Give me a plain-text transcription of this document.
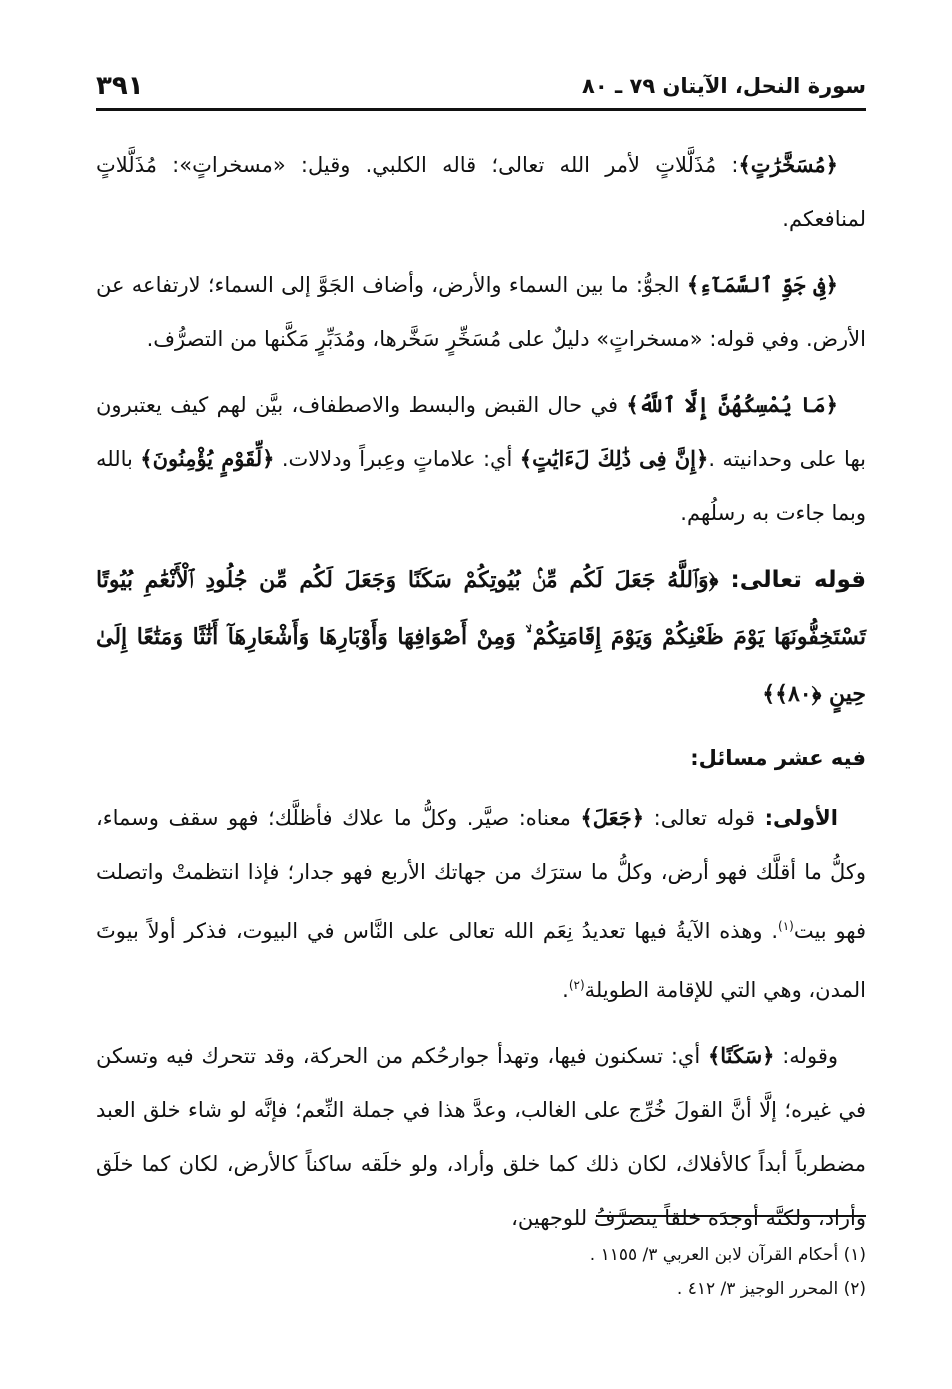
سورة النحل، الآيتان ٧٩ ـ ٨٠
٣٩١

﴿مُسَخَّرَٰتٍ﴾: مُذَلَّلاتٍ لأمر الله تعالى؛ قاله الكلبي. وقيل: «مسخراتٍ»: مُذَلَّلاتٍ لمنافعكم.

﴿فِى جَوِّ ٱلسَّمَآءِ﴾ الجوُّ: ما بين السماء والأرض، وأضاف الجَوَّ إلى السماء؛ لارتفاعه عن الأرض. وفي قوله: «مسخراتٍ» دليلٌ على مُسَخِّرٍ سَخَّرها، ومُدَبِّرٍ مَكَّنها من التصرُّف.

﴿مَا يُمْسِكُهُنَّ إِلَّا ٱللَّهُ﴾ في حال القبض والبسط والاصطفاف، بيَّن لهم كيف يعتبرون بها على وحدانيته .﴿إِنَّ فِى ذَٰلِكَ لَءَايَٰتٍ﴾ أي: علاماتٍ وعِبراً ودلالات. ﴿لِّقَوْمٍ يُؤْمِنُونَ﴾ بالله وبما جاءت به رسلُهم.

قوله تعالى: ﴿وَٱللَّهُ جَعَلَ لَكُم مِّنۢ بُيُوتِكُمْ سَكَنًا وَجَعَلَ لَكُم مِّن جُلُودِ ٱلْأَنْعَٰمِ بُيُوتًا تَسْتَخِفُّونَهَا يَوْمَ ظَعْنِكُمْ وَيَوْمَ إِقَامَتِكُمْ ۙ وَمِنْ أَصْوَافِهَا وَأَوْبَارِهَا وَأَشْعَارِهَآ أَثَٰثًا وَمَتَٰعًا إِلَىٰ حِينٍ ﴿٨٠﴾﴾

فيه عشر مسائل:

الأولى: قوله تعالى: ﴿جَعَلَ﴾ معناه: صيَّر. وكلُّ ما علاك فأظلَّك؛ فهو سقف وسماء، وكلُّ ما أقلَّك فهو أرض، وكلُّ ما سترَك من جهاتك الأربع فهو جدار؛ فإذا انتظمتْ واتصلت فهو بيت$^{(١)}$. وهذه الآيةُ فيها تعديدُ نِعَم الله تعالى على النَّاس في البيوت، فذكر أولاً بيوتَ المدن، وهي التي للإقامة الطويلة$^{(٢)}$.

وقوله: ﴿سَكَنًا﴾ أي: تسكنون فيها، وتهدأ جوارحُكم من الحركة، وقد تتحرك فيه وتسكن في غيره؛ إلَّا أنَّ القولَ خُرِّج على الغالب، وعدَّ هذا في جملة النِّعم؛ فإنَّه لو شاء خلق العبد مضطرباً أبداً كالأفلاك، لكان ذلك كما خلق وأراد، ولو خلَقه ساكناً كالأرض، لكان كما خلَق وأراد، ولكنَّه أوجدَه خلقاً يتصرَّفُ للوجهين،

(١) أحكام القرآن لابن العربي ٣/ ١١٥٥ .

(٢) المحرر الوجيز ٣/ ٤١٢ .
